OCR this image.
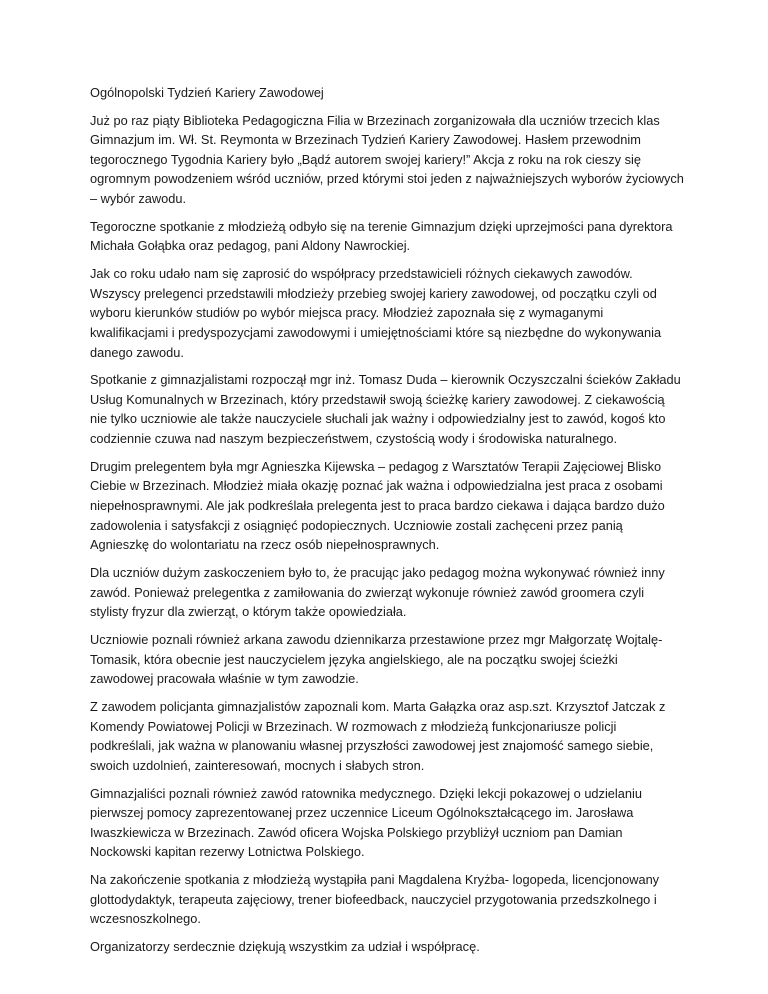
Ogólnopolski Tydzień Kariery Zawodowej

Już po raz piąty Biblioteka Pedagogiczna Filia w Brzezinach zorganizowała dla uczniów trzecich klas Gimnazjum im. Wł. St. Reymonta w Brzezinach Tydzień Kariery Zawodowej. Hasłem przewodnim tegorocznego Tygodnia Kariery było „Bądź autorem swojej kariery!” Akcja z roku na rok cieszy się ogromnym powodzeniem wśród uczniów, przed którymi stoi jeden z najważniejszych wyborów życiowych – wybór zawodu.

Tegoroczne spotkanie z młodzieżą odbyło się na terenie Gimnazjum dzięki uprzejmości pana dyrektora Michała Gołąbka oraz pedagog, pani Aldony Nawrockiej.

Jak co roku udało nam się zaprosić do współpracy przedstawicieli różnych ciekawych zawodów. Wszyscy prelegenci przedstawili młodzieży przebieg swojej kariery zawodowej, od początku czyli od wyboru kierunków studiów po wybór miejsca pracy. Młodzież zapoznała się z wymaganymi kwalifikacjami i predyspozycjami zawodowymi i umiejętnościami które są niezbędne do wykonywania danego zawodu.

Spotkanie z gimnazjalistami rozpoczął mgr inż. Tomasz Duda – kierownik Oczyszczalni ścieków Zakładu Usług Komunalnych w Brzezinach, który przedstawił swoją ścieżkę kariery zawodowej. Z ciekawością nie tylko uczniowie ale także nauczyciele słuchali jak ważny i odpowiedzialny jest to zawód, kogoś kto codziennie czuwa nad naszym bezpieczeństwem, czystością wody i środowiska naturalnego.

Drugim prelegentem była mgr Agnieszka Kijewska – pedagog z Warsztatów Terapii Zajęciowej Blisko Ciebie w Brzezinach. Młodzież miała okazję poznać jak ważna i odpowiedzialna jest praca z osobami niepełnosprawnymi. Ale jak podkreślała prelegenta jest to praca bardzo ciekawa i dająca bardzo dużo zadowolenia i satysfakcji z osiągnięć podopiecznych. Uczniowie zostali zachęceni przez panią Agnieszkę do wolontariatu na rzecz osób niepełnosprawnych.

Dla uczniów dużym zaskoczeniem było to, że pracując jako pedagog można wykonywać również inny zawód. Ponieważ prelegentka z zamiłowania do zwierząt wykonuje również zawód groomera czyli stylisty fryzur dla zwierząt, o którym także opowiedziała.

Uczniowie poznali również arkana zawodu dziennikarza przestawione przez mgr Małgorzatę Wojtalę-Tomasik, która obecnie jest nauczycielem języka angielskiego, ale na początku swojej ścieżki zawodowej pracowała właśnie w tym zawodzie.

Z zawodem policjanta gimnazjalistów zapoznali kom. Marta Gałązka oraz asp.szt. Krzysztof Jatczak z Komendy Powiatowej Policji w Brzezinach. W rozmowach z młodzieżą funkcjonariusze policji podkreślali, jak ważna w planowaniu własnej przyszłości zawodowej jest znajomość samego siebie, swoich uzdolnień, zainteresowań, mocnych i słabych stron.

Gimnazjaliści poznali również zawód ratownika medycznego. Dzięki lekcji pokazowej o udzielaniu pierwszej pomocy zaprezentowanej przez uczennice Liceum Ogólnokształcącego im. Jarosława Iwaszkiewicza w Brzezinach. Zawód oficera Wojska Polskiego przybliżył uczniom pan Damian Nockowski kapitan rezerwy Lotnictwa Polskiego.

Na zakończenie spotkania z młodzieżą wystąpiła pani Magdalena Kryżba- logopeda, licencjonowany glottodydaktyk, terapeuta zajęciowy, trener biofeedback, nauczyciel przygotowania przedszkolnego i wczesnoszkolnego.

Organizatorzy serdecznie dziękują wszystkim za udział i współpracę.
